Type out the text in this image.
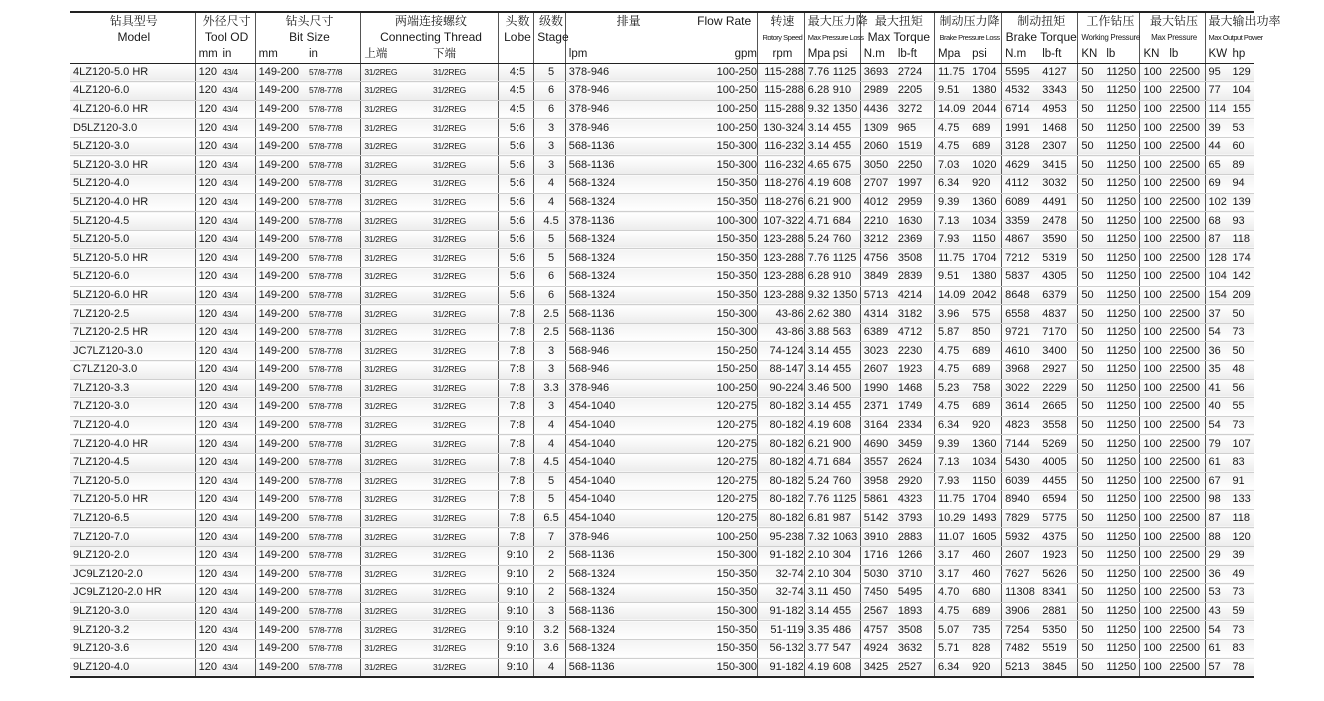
钻具型号	外径尺寸		钻头尺寸		两端连接螺纹		头数	级数	排量	Flow Rate	转速	最大压力降		最大扭矩		制动压力降		制动扭矩		工作钻压		最大钻压		最大输出功率	
Model	Tool OD		Bit Size		Connecting Thread		Lobe	Stage			Rotory Speed	Max Pressure Loss		Max Torque		Brake Pressure Loss		Brake Torque		Working Pressure		Max Pressure		Max Output Power	
	mm	in	mm	in	上端	下端			lpm	gpm	rpm	Mpa	psi	N.m	lb-ft	Mpa	psi	N.m	lb-ft	KN	lb	KN	lb	KW	hp
4LZ120-5.0 HR	120	43/4	149-200	57/8-77/8	31/2REG	31/2REG	4:5	5	378-946	100-250	115-288	7.76	1125	3693	2724	11.75	1704	5595	4127	50	11250	100	22500	95	129
4LZ120-6.0	120	43/4	149-200	57/8-77/8	31/2REG	31/2REG	4:5	6	378-946	100-250	115-288	6.28	910	2989	2205	9.51	1380	4532	3343	50	11250	100	22500	77	104
4LZ120-6.0 HR	120	43/4	149-200	57/8-77/8	31/2REG	31/2REG	4:5	6	378-946	100-250	115-288	9.32	1350	4436	3272	14.09	2044	6714	4953	50	11250	100	22500	114	155
D5LZ120-3.0	120	43/4	149-200	57/8-77/8	31/2REG	31/2REG	5:6	3	378-946	100-250	130-324	3.14	455	1309	965	4.75	689	1991	1468	50	11250	100	22500	39	53
5LZ120-3.0	120	43/4	149-200	57/8-77/8	31/2REG	31/2REG	5:6	3	568-1136	150-300	116-232	3.14	455	2060	1519	4.75	689	3128	2307	50	11250	100	22500	44	60
5LZ120-3.0 HR	120	43/4	149-200	57/8-77/8	31/2REG	31/2REG	5:6	3	568-1136	150-300	116-232	4.65	675	3050	2250	7.03	1020	4629	3415	50	11250	100	22500	65	89
5LZ120-4.0	120	43/4	149-200	57/8-77/8	31/2REG	31/2REG	5:6	4	568-1324	150-350	118-276	4.19	608	2707	1997	6.34	920	4112	3032	50	11250	100	22500	69	94
5LZ120-4.0 HR	120	43/4	149-200	57/8-77/8	31/2REG	31/2REG	5:6	4	568-1324	150-350	118-276	6.21	900	4012	2959	9.39	1360	6089	4491	50	11250	100	22500	102	139
5LZ120-4.5	120	43/4	149-200	57/8-77/8	31/2REG	31/2REG	5:6	4.5	378-1136	100-300	107-322	4.71	684	2210	1630	7.13	1034	3359	2478	50	11250	100	22500	68	93
5LZ120-5.0	120	43/4	149-200	57/8-77/8	31/2REG	31/2REG	5:6	5	568-1324	150-350	123-288	5.24	760	3212	2369	7.93	1150	4867	3590	50	11250	100	22500	87	118
5LZ120-5.0 HR	120	43/4	149-200	57/8-77/8	31/2REG	31/2REG	5:6	5	568-1324	150-350	123-288	7.76	1125	4756	3508	11.75	1704	7212	5319	50	11250	100	22500	128	174
5LZ120-6.0	120	43/4	149-200	57/8-77/8	31/2REG	31/2REG	5:6	6	568-1324	150-350	123-288	6.28	910	3849	2839	9.51	1380	5837	4305	50	11250	100	22500	104	142
5LZ120-6.0 HR	120	43/4	149-200	57/8-77/8	31/2REG	31/2REG	5:6	6	568-1324	150-350	123-288	9.32	1350	5713	4214	14.09	2042	8648	6379	50	11250	100	22500	154	209
7LZ120-2.5	120	43/4	149-200	57/8-77/8	31/2REG	31/2REG	7:8	2.5	568-1136	150-300	43-86	2.62	380	4314	3182	3.96	575	6558	4837	50	11250	100	22500	37	50
7LZ120-2.5 HR	120	43/4	149-200	57/8-77/8	31/2REG	31/2REG	7:8	2.5	568-1136	150-300	43-86	3.88	563	6389	4712	5.87	850	9721	7170	50	11250	100	22500	54	73
JC7LZ120-3.0	120	43/4	149-200	57/8-77/8	31/2REG	31/2REG	7:8	3	568-946	150-250	74-124	3.14	455	3023	2230	4.75	689	4610	3400	50	11250	100	22500	36	50
C7LZ120-3.0	120	43/4	149-200	57/8-77/8	31/2REG	31/2REG	7:8	3	568-946	150-250	88-147	3.14	455	2607	1923	4.75	689	3968	2927	50	11250	100	22500	35	48
7LZ120-3.3	120	43/4	149-200	57/8-77/8	31/2REG	31/2REG	7:8	3.3	378-946	100-250	90-224	3.46	500	1990	1468	5.23	758	3022	2229	50	11250	100	22500	41	56
7LZ120-3.0	120	43/4	149-200	57/8-77/8	31/2REG	31/2REG	7:8	3	454-1040	120-275	80-182	3.14	455	2371	1749	4.75	689	3614	2665	50	11250	100	22500	40	55
7LZ120-4.0	120	43/4	149-200	57/8-77/8	31/2REG	31/2REG	7:8	4	454-1040	120-275	80-182	4.19	608	3164	2334	6.34	920	4823	3558	50	11250	100	22500	54	73
7LZ120-4.0 HR	120	43/4	149-200	57/8-77/8	31/2REG	31/2REG	7:8	4	454-1040	120-275	80-182	6.21	900	4690	3459	9.39	1360	7144	5269	50	11250	100	22500	79	107
7LZ120-4.5	120	43/4	149-200	57/8-77/8	31/2REG	31/2REG	7:8	4.5	454-1040	120-275	80-182	4.71	684	3557	2624	7.13	1034	5430	4005	50	11250	100	22500	61	83
7LZ120-5.0	120	43/4	149-200	57/8-77/8	31/2REG	31/2REG	7:8	5	454-1040	120-275	80-182	5.24	760	3958	2920	7.93	1150	6039	4455	50	11250	100	22500	67	91
7LZ120-5.0 HR	120	43/4	149-200	57/8-77/8	31/2REG	31/2REG	7:8	5	454-1040	120-275	80-182	7.76	1125	5861	4323	11.75	1704	8940	6594	50	11250	100	22500	98	133
7LZ120-6.5	120	43/4	149-200	57/8-77/8	31/2REG	31/2REG	7:8	6.5	454-1040	120-275	80-182	6.81	987	5142	3793	10.29	1493	7829	5775	50	11250	100	22500	87	118
7LZ120-7.0	120	43/4	149-200	57/8-77/8	31/2REG	31/2REG	7:8	7	378-946	100-250	95-238	7.32	1063	3910	2883	11.07	1605	5932	4375	50	11250	100	22500	88	120
9LZ120-2.0	120	43/4	149-200	57/8-77/8	31/2REG	31/2REG	9:10	2	568-1136	150-300	91-182	2.10	304	1716	1266	3.17	460	2607	1923	50	11250	100	22500	29	39
JC9LZ120-2.0	120	43/4	149-200	57/8-77/8	31/2REG	31/2REG	9:10	2	568-1324	150-350	32-74	2.10	304	5030	3710	3.17	460	7627	5626	50	11250	100	22500	36	49
JC9LZ120-2.0 HR	120	43/4	149-200	57/8-77/8	31/2REG	31/2REG	9:10	2	568-1324	150-350	32-74	3.11	450	7450	5495	4.70	680	11308	8341	50	11250	100	22500	53	73
9LZ120-3.0	120	43/4	149-200	57/8-77/8	31/2REG	31/2REG	9:10	3	568-1136	150-300	91-182	3.14	455	2567	1893	4.75	689	3906	2881	50	11250	100	22500	43	59
9LZ120-3.2	120	43/4	149-200	57/8-77/8	31/2REG	31/2REG	9:10	3.2	568-1324	150-350	51-119	3.35	486	4757	3508	5.07	735	7254	5350	50	11250	100	22500	54	73
9LZ120-3.6	120	43/4	149-200	57/8-77/8	31/2REG	31/2REG	9:10	3.6	568-1324	150-350	56-132	3.77	547	4924	3632	5.71	828	7482	5519	50	11250	100	22500	61	83
9LZ120-4.0	120	43/4	149-200	57/8-77/8	31/2REG	31/2REG	9:10	4	568-1136	150-300	91-182	4.19	608	3425	2527	6.34	920	5213	3845	50	11250	100	22500	57	78
